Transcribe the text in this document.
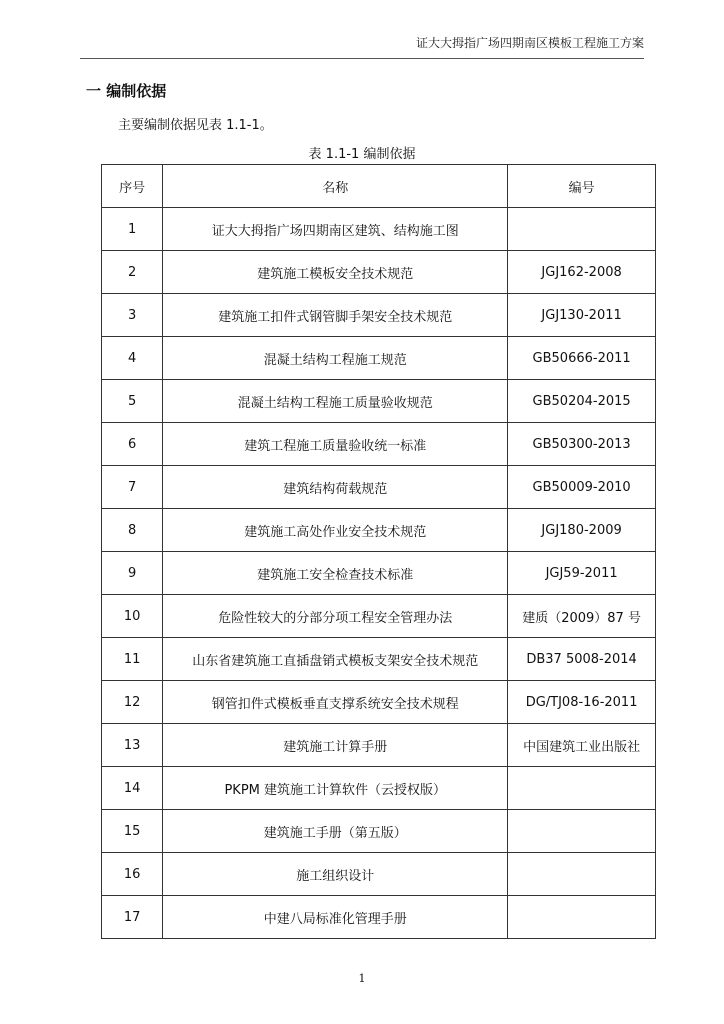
证大大拇指广场四期南区模板工程施工方案
一 编制依据
主要编制依据见表 1.1-1。
表 1.1-1 编制依据
序号	名称	编号
1	证大大拇指广场四期南区建筑、结构施工图	
2	建筑施工模板安全技术规范	JGJ162-2008
3	建筑施工扣件式钢管脚手架安全技术规范	JGJ130-2011
4	混凝土结构工程施工规范	GB50666-2011
5	混凝土结构工程施工质量验收规范	GB50204-2015
6	建筑工程施工质量验收统一标准	GB50300-2013
7	建筑结构荷载规范	GB50009-2010
8	建筑施工高处作业安全技术规范	JGJ180-2009
9	建筑施工安全检查技术标准	JGJ59-2011
10	危险性较大的分部分项工程安全管理办法	建质（2009）87 号
11	山东省建筑施工直插盘销式模板支架安全技术规范	DB37 5008-2014
12	钢管扣件式模板垂直支撑系统安全技术规程	DG/TJ08-16-2011
13	建筑施工计算手册	中国建筑工业出版社
14	PKPM 建筑施工计算软件（云授权版）	
15	建筑施工手册（第五版）	
16	施工组织设计	
17	中建八局标准化管理手册	
1
